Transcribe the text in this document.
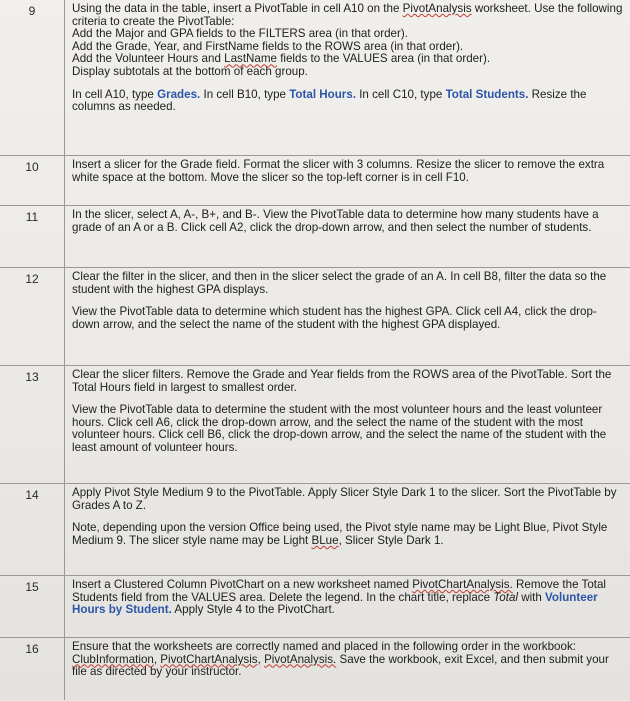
9	Using the data in the table, insert a PivotTable in cell A10 on the PivotAnalysis worksheet. Use the following criteria to create the PivotTable:
Add the Major and GPA fields to the FILTERS area (in that order).
Add the Grade, Year, and FirstName fields to the ROWS area (in that order).
Add the Volunteer Hours and LastName fields to the VALUES area (in that order).
Display subtotals at the bottom of each group.

In cell A10, type Grades. In cell B10, type Total Hours. In cell C10, type Total Students. Resize the columns as needed.

10	Insert a slicer for the Grade field. Format the slicer with 3 columns. Resize the slicer to remove the extra white space at the bottom. Move the slicer so the top-left corner is in cell F10.

11	In the slicer, select A, A-, B+, and B-. View the PivotTable data to determine how many students have a grade of an A or a B. Click cell A2, click the drop-down arrow, and then select the number of students.

12	Clear the filter in the slicer, and then in the slicer select the grade of an A. In cell B8, filter the data so the student with the highest GPA displays.

View the PivotTable data to determine which student has the highest GPA. Click cell A4, click the drop-down arrow, and the select the name of the student with the highest GPA displayed.

13	Clear the slicer filters. Remove the Grade and Year fields from the ROWS area of the PivotTable. Sort the Total Hours field in largest to smallest order.

View the PivotTable data to determine the student with the most volunteer hours and the least volunteer hours. Click cell A6, click the drop-down arrow, and the select the name of the student with the most volunteer hours. Click cell B6, click the drop-down arrow, and the select the name of the student with the least amount of volunteer hours.

14	Apply Pivot Style Medium 9 to the PivotTable. Apply Slicer Style Dark 1 to the slicer. Sort the PivotTable by Grades A to Z.

Note, depending upon the version Office being used, the Pivot style name may be Light Blue, Pivot Style Medium 9. The slicer style name may be Light BLue, Slicer Style Dark 1.

15	Insert a Clustered Column PivotChart on a new worksheet named PivotChartAnalysis. Remove the Total Students field from the VALUES area. Delete the legend. In the chart title, replace Total with Volunteer Hours by Student. Apply Style 4 to the PivotChart.

16	Ensure that the worksheets are correctly named and placed in the following order in the workbook: ClubInformation, PivotChartAnalysis, PivotAnalysis. Save the workbook, exit Excel, and then submit your file as directed by your instructor.
